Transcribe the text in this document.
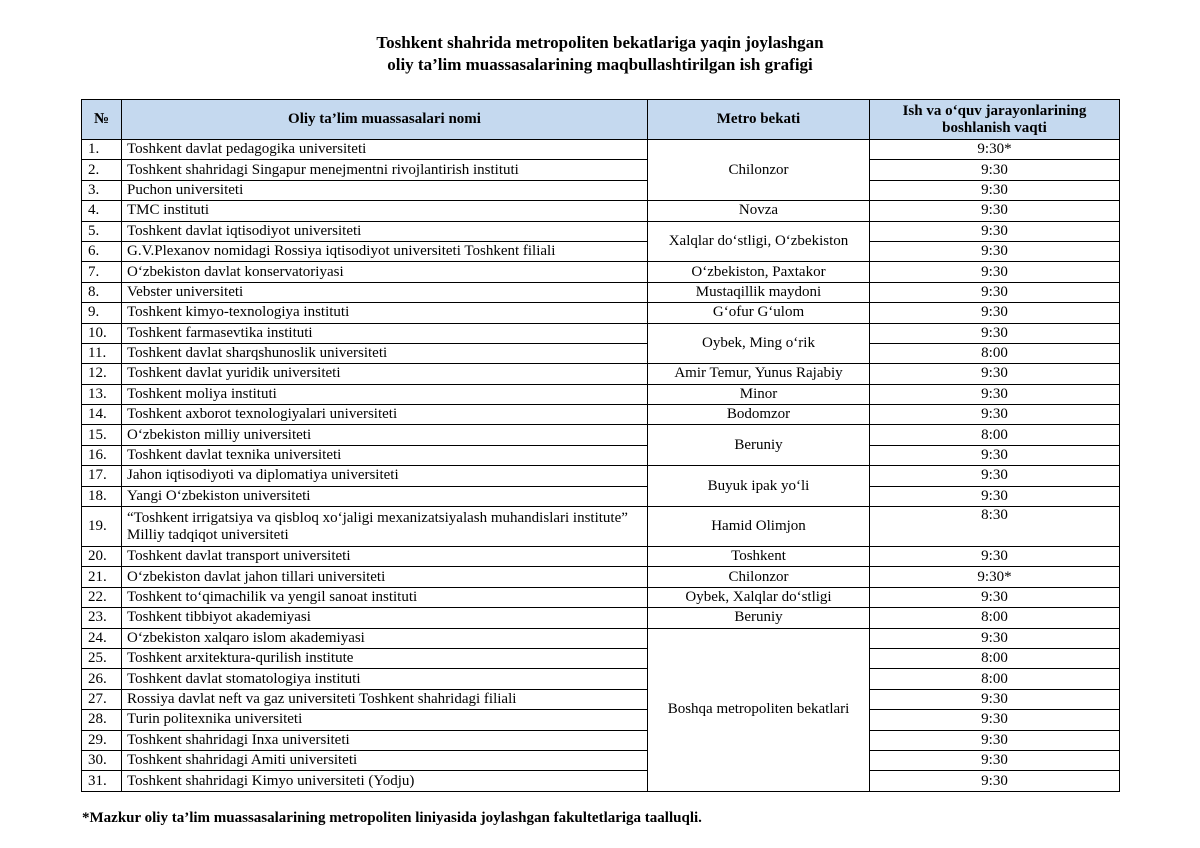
Toshkent shahrida metropoliten bekatlariga yaqin joylashgan
oliy ta’lim muassasalarining maqbullashtirilgan ish grafigi
№	Oliy ta’lim muassasalari nomi	Metro bekati	Ish va o‘quv jarayonlarining
boshlanish vaqti

1.	Toshkent davlat pedagogika universiteti	Chilonzor	9:30*
2.	Toshkent shahridagi Singapur menejmentni rivojlantirish instituti		9:30
3.	Puchon universiteti		9:30
4.	TMC instituti	Novza	9:30
5.	Toshkent davlat iqtisodiyot universiteti	Xalqlar do‘stligi, O‘zbekiston	9:30
6.	G.V.Plexanov nomidagi Rossiya iqtisodiyot universiteti Toshkent filiali		9:30
7.	O‘zbekiston davlat konservatoriyasi	O‘zbekiston, Paxtakor	9:30
8.	Vebster universiteti	Mustaqillik maydoni	9:30
9.	Toshkent kimyo-texnologiya instituti	G‘ofur G‘ulom	9:30
10.	Toshkent farmasevtika instituti	Oybek, Ming o‘rik	9:30
11.	Toshkent davlat sharqshunoslik universiteti		8:00
12.	Toshkent davlat yuridik universiteti	Amir Temur, Yunus Rajabiy	9:30
13.	Toshkent moliya instituti	Minor	9:30
14.	Toshkent axborot texnologiyalari universiteti	Bodomzor	9:30
15.	O‘zbekiston milliy universiteti	Beruniy	8:00
16.	Toshkent davlat texnika universiteti		9:30
17.	Jahon iqtisodiyoti va diplomatiya universiteti	Buyuk ipak yo‘li	9:30
18.	Yangi O‘zbekiston universiteti		9:30
19.	“Toshkent irrigatsiya va qisbloq xo‘jaligi mexanizatsiyalash muhandislari institute” Milliy tadqiqot universiteti	Hamid Olimjon	8:30
20.	Toshkent davlat transport universiteti	Toshkent	9:30
21.	O‘zbekiston davlat jahon tillari universiteti	Chilonzor	9:30*
22.	Toshkent to‘qimachilik va yengil sanoat instituti	Oybek, Xalqlar do‘stligi	9:30
23.	Toshkent tibbiyot akademiyasi	Beruniy	8:00
24.	O‘zbekiston xalqaro islom akademiyasi	Boshqa metropoliten bekatlari	9:30
25.	Toshkent arxitektura-qurilish institute		8:00
26.	Toshkent davlat stomatologiya instituti		8:00
27.	Rossiya davlat neft va gaz universiteti Toshkent shahridagi filiali		9:30
28.	Turin politexnika universiteti		9:30
29.	Toshkent shahridagi Inxa universiteti		9:30
30.	Toshkent shahridagi Amiti universiteti		9:30
31.	Toshkent shahridagi Kimyo universiteti (Yodju)		9:30
*Mazkur oliy ta’lim muassasalarining metropoliten liniyasida joylashgan fakultetlariga taalluqli.
